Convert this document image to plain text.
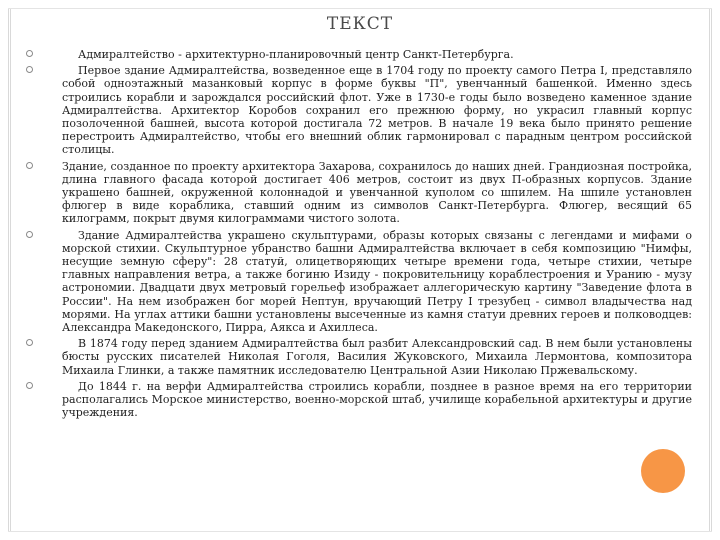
ТЕКСТ
Адмиралтейство - архитектурно-планировочный центр Санкт-Петербурга.
Первое здание Адмиралтейства, возведенное еще в 1704 году по проекту самого Петра I, представляло собой одноэтажный мазанковый корпус в форме буквы "П", увенчанный башенкой. Именно здесь строились корабли и зарождался российский флот. Уже в 1730-е годы было возведено каменное здание Адмиралтейства. Архитектор Коробов сохранил его прежнюю форму, но украсил главный корпус позолоченной башней, высота которой достигала 72 метров. В начале 19 века было принято решение перестроить Адмиралтейство, чтобы его внешний облик гармонировал с парадным центром российской столицы.
Здание, созданное по проекту архитектора Захарова, сохранилось до наших дней. Грандиозная постройка, длина главного фасада которой достигает 406 метров, состоит из двух П-образных корпусов. Здание украшено башней, окруженной колоннадой и увенчанной куполом со шпилем. На шпиле установлен флюгер в виде кораблика, ставший одним из символов Санкт-Петербурга. Флюгер, весящий 65 килограмм, покрыт двумя килограммами чистого золота.
Здание Адмиралтейства украшено скульптурами, образы которых связаны с легендами и мифами о морской стихии. Скульптурное убранство башни Адмиралтейства включает в себя композицию "Нимфы, несущие земную сферу": 28 статуй, олицетворяющих четыре времени года, четыре стихии, четыре главных направления ветра, а также богиню Изиду - покровительницу кораблестроения и Уранию - музу астрономии. Двадцати двух метровый горельеф изображает аллегорическую картину "Заведение флота в России". На нем изображен бог морей Нептун, вручающий Петру I трезубец - символ владычества над морями. На углах аттики башни установлены высеченные из камня статуи древних героев и полководцев: Александра Македонского, Пирра, Аякса и Ахиллеса.
В 1874 году перед зданием Адмиралтейства был разбит Александровский сад. В нем были установлены бюсты русских писателей Николая Гоголя, Василия Жуковского, Михаила Лермонтова, композитора Михаила Глинки, а также памятник исследователю Центральной Азии Николаю Пржевальскому.
До 1844 г. на верфи Адмиралтейства строились корабли, позднее в разное время на его территории располагались Морское министерство, военно-морской штаб, училище корабельной архитектуры и другие учреждения.
